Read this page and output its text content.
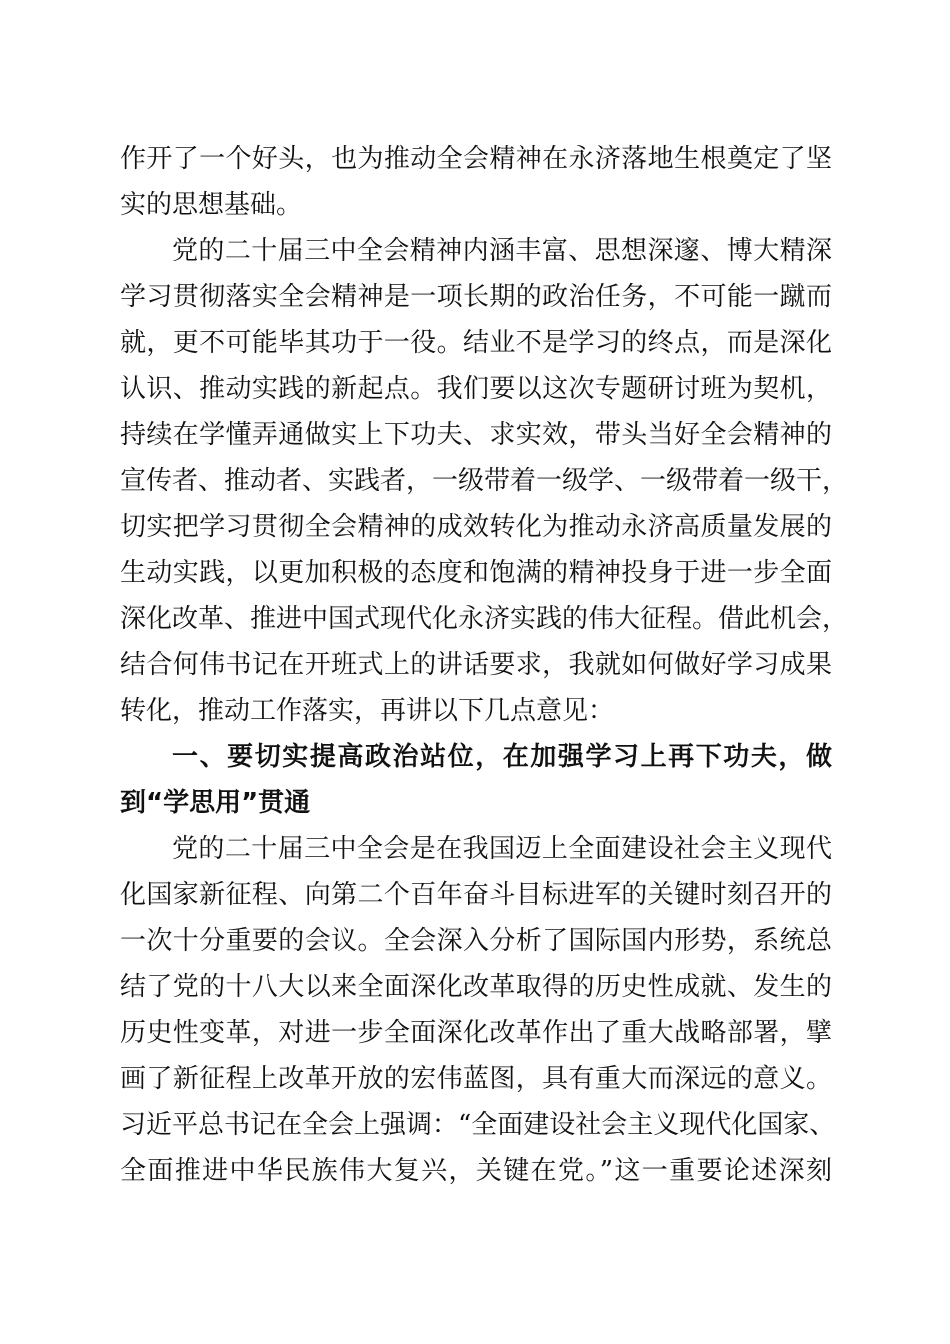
作开了一个好头，也为推动全会精神在永济落地生根奠定了坚
实的思想基础。
党的二十届三中全会精神内涵丰富、思想深邃、博大精深
学习贯彻落实全会精神是一项长期的政治任务，不可能一蹴而
就，更不可能毕其功于一役。结业不是学习的终点，而是深化
认识、推动实践的新起点。我们要以这次专题研讨班为契机，
持续在学懂弄通做实上下功夫、求实效，带头当好全会精神的
宣传者、推动者、实践者，一级带着一级学、一级带着一级干，
切实把学习贯彻全会精神的成效转化为推动永济高质量发展的
生动实践，以更加积极的态度和饱满的精神投身于进一步全面
深化改革、推进中国式现代化永济实践的伟大征程。借此机会，
结合何伟书记在开班式上的讲话要求，我就如何做好学习成果
转化，推动工作落实，再讲以下几点意见：
一、要切实提高政治站位，在加强学习上再下功夫，做
到“学思用”贯通
党的二十届三中全会是在我国迈上全面建设社会主义现代
化国家新征程、向第二个百年奋斗目标进军的关键时刻召开的
一次十分重要的会议。全会深入分析了国际国内形势，系统总
结了党的十八大以来全面深化改革取得的历史性成就、发生的
历史性变革，对进一步全面深化改革作出了重大战略部署，擘
画了新征程上改革开放的宏伟蓝图，具有重大而深远的意义。
习近平总书记在全会上强调：“全面建设社会主义现代化国家、
全面推进中华民族伟大复兴，关键在党。”这一重要论述深刻
